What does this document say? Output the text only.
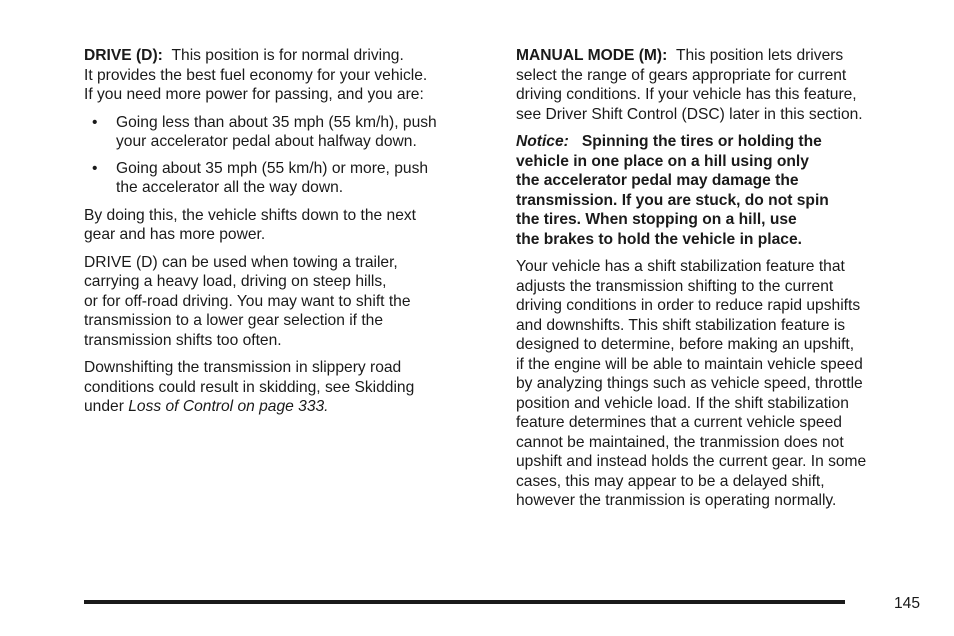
DRIVE (D): This position is for normal driving.
It provides the best fuel economy for your vehicle.
If you need more power for passing, and you are:

• Going less than about 35 mph (55 km/h), push
your accelerator pedal about halfway down.
• Going about 35 mph (55 km/h) or more, push
the accelerator all the way down.

By doing this, the vehicle shifts down to the next
gear and has more power.

DRIVE (D) can be used when towing a trailer,
carrying a heavy load, driving on steep hills,
or for off-road driving. You may want to shift the
transmission to a lower gear selection if the
transmission shifts too often.

Downshifting the transmission in slippery road
conditions could result in skidding, see Skidding
under Loss of Control on page 333.

MANUAL MODE (M): This position lets drivers
select the range of gears appropriate for current
driving conditions. If your vehicle has this feature,
see Driver Shift Control (DSC) later in this section.

Notice: Spinning the tires or holding the
vehicle in one place on a hill using only
the accelerator pedal may damage the
transmission. If you are stuck, do not spin
the tires. When stopping on a hill, use
the brakes to hold the vehicle in place.

Your vehicle has a shift stabilization feature that
adjusts the transmission shifting to the current
driving conditions in order to reduce rapid upshifts
and downshifts. This shift stabilization feature is
designed to determine, before making an upshift,
if the engine will be able to maintain vehicle speed
by analyzing things such as vehicle speed, throttle
position and vehicle load. If the shift stabilization
feature determines that a current vehicle speed
cannot be maintained, the tranmission does not
upshift and instead holds the current gear. In some
cases, this may appear to be a delayed shift,
however the tranmission is operating normally.

145
